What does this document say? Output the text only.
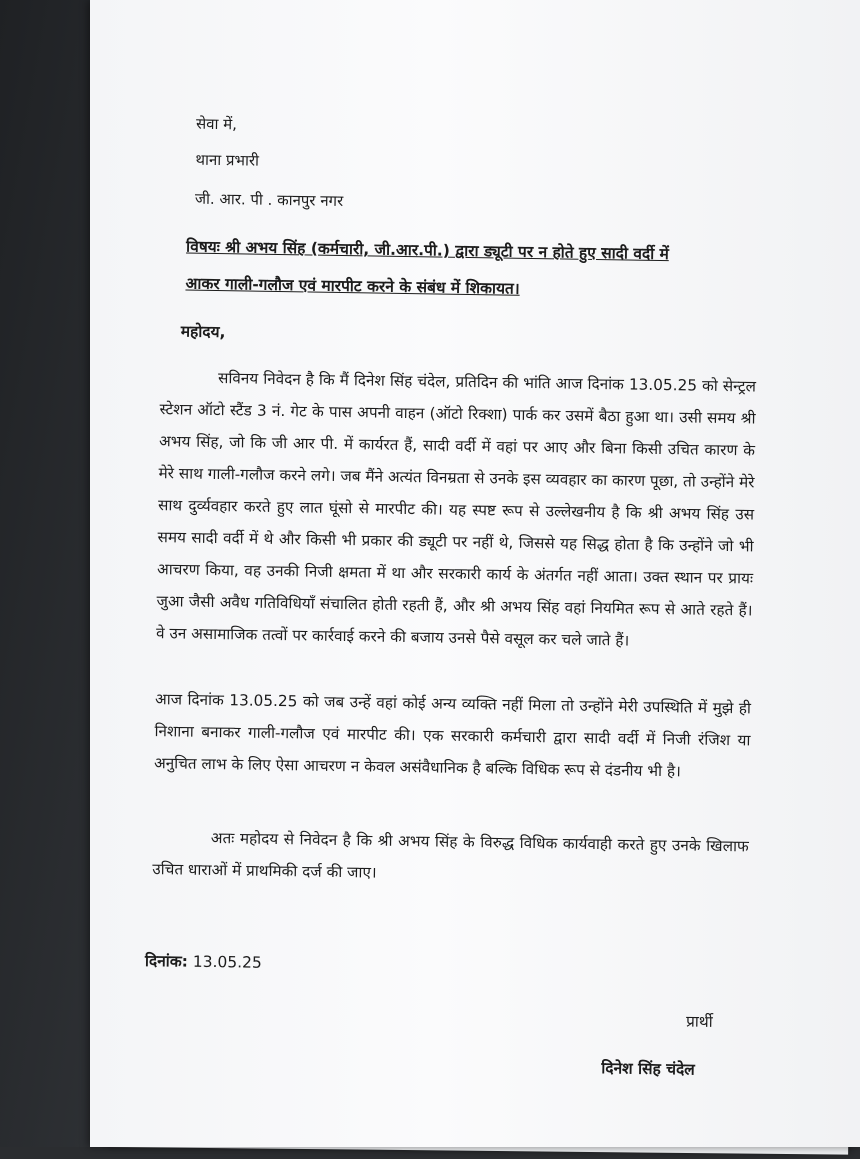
सेवा में,
थाना प्रभारी
जी. आर. पी . कानपुर नगर
विषयः श्री अभय सिंह (कर्मचारी, जी.आर.पी.) द्वारा ड्यूटी पर न होते हुए सादी वर्दी में
आकर गाली-गलौज एवं मारपीट करने के संबंध में शिकायत।
महोदय,
सविनय निवेदन है कि मैं दिनेश सिंह चंदेल, प्रतिदिन की भांति आज दिनांक 13.05.25 को सेन्ट्रल स्टेशन ऑटो स्टैंड 3 नं. गेट के पास अपनी वाहन (ऑटो रिक्शा) पार्क कर उसमें बैठा हुआ था। उसी समय श्री अभय सिंह, जो कि जी आर पी. में कार्यरत हैं, सादी वर्दी में वहां पर आए और बिना किसी उचित कारण के मेरे साथ गाली-गलौज करने लगे। जब मैंने अत्यंत विनम्रता से उनके इस व्यवहार का कारण पूछा, तो उन्होंने मेरे साथ दुर्व्यवहार करते हुए लात घूंसो से मारपीट की। यह स्पष्ट रूप से उल्लेखनीय है कि श्री अभय सिंह उस समय सादी वर्दी में थे और किसी भी प्रकार की ड्यूटी पर नहीं थे, जिससे यह सिद्ध होता है कि उन्होंने जो भी आचरण किया, वह उनकी निजी क्षमता में था और सरकारी कार्य के अंतर्गत नहीं आता। उक्त स्थान पर प्रायः जुआ जैसी अवैध गतिविधियाँ संचालित होती रहती हैं, और श्री अभय सिंह वहां नियमित रूप से आते रहते हैं। वे उन असामाजिक तत्वों पर कार्रवाई करने की बजाय उनसे पैसे वसूल कर चले जाते हैं।
आज दिनांक 13.05.25 को जब उन्हें वहां कोई अन्य व्यक्ति नहीं मिला तो उन्होंने मेरी उपस्थिति में मुझे ही निशाना बनाकर गाली-गलौज एवं मारपीट की। एक सरकारी कर्मचारी द्वारा सादी वर्दी में निजी रंजिश या अनुचित लाभ के लिए ऐसा आचरण न केवल असंवैधानिक है बल्कि विधिक रूप से दंडनीय भी है।
अतः महोदय से निवेदन है कि श्री अभय सिंह के विरुद्ध विधिक कार्यवाही करते हुए उनके खिलाफ उचित धाराओं में प्राथमिकी दर्ज की जाए।
दिनांक: 13.05.25
प्रार्थी
दिनेश सिंह चंदेल
